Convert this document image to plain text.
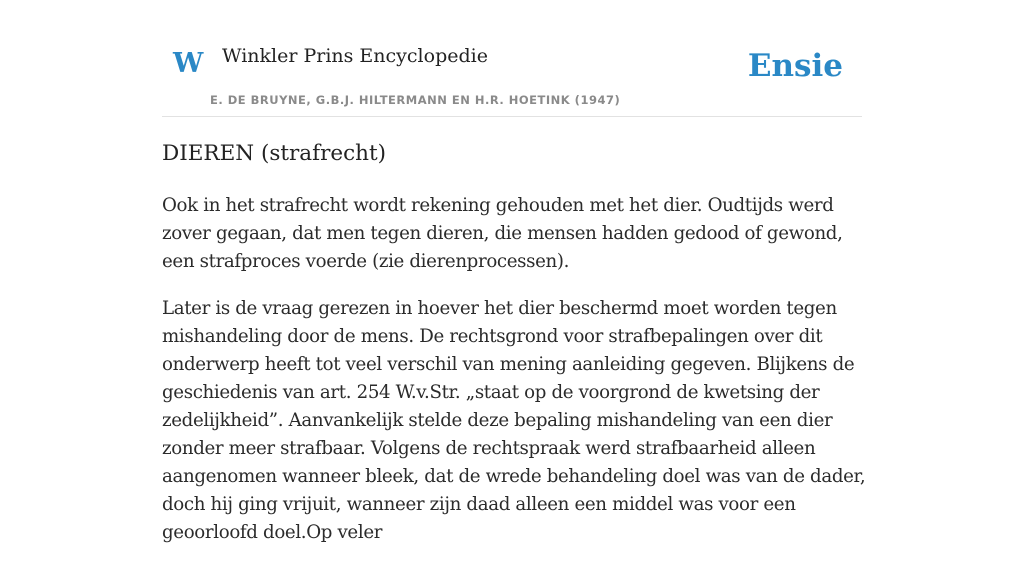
W Winkler Prins Encyclopedie
E. DE BRUYNE, G.B.J. HILTERMANN EN H.R. HOETINK (1947)
Ensie
DIEREN (strafrecht)

Ook in het strafrecht wordt rekening gehouden met het dier. Oudtijds werd zover gegaan, dat men tegen dieren, die mensen hadden gedood of gewond, een strafproces voerde (zie dierenprocessen).

Later is de vraag gerezen in hoever het dier beschermd moet worden tegen mishandeling door de mens. De rechtsgrond voor strafbepalingen over dit onderwerp heeft tot veel verschil van mening aanleiding gegeven. Blijkens de geschiedenis van art. 254 W.v.Str. „staat op de voorgrond de kwetsing der zedelijkheid”. Aanvankelijk stelde deze bepaling mishandeling van een dier zonder meer strafbaar. Volgens de rechtspraak werd strafbaarheid alleen aangenomen wanneer bleek, dat de wrede behandeling doel was van de dader, doch hij ging vrijuit, wanneer zijn daad alleen een middel was voor een geoorloofd doel.Op veler
